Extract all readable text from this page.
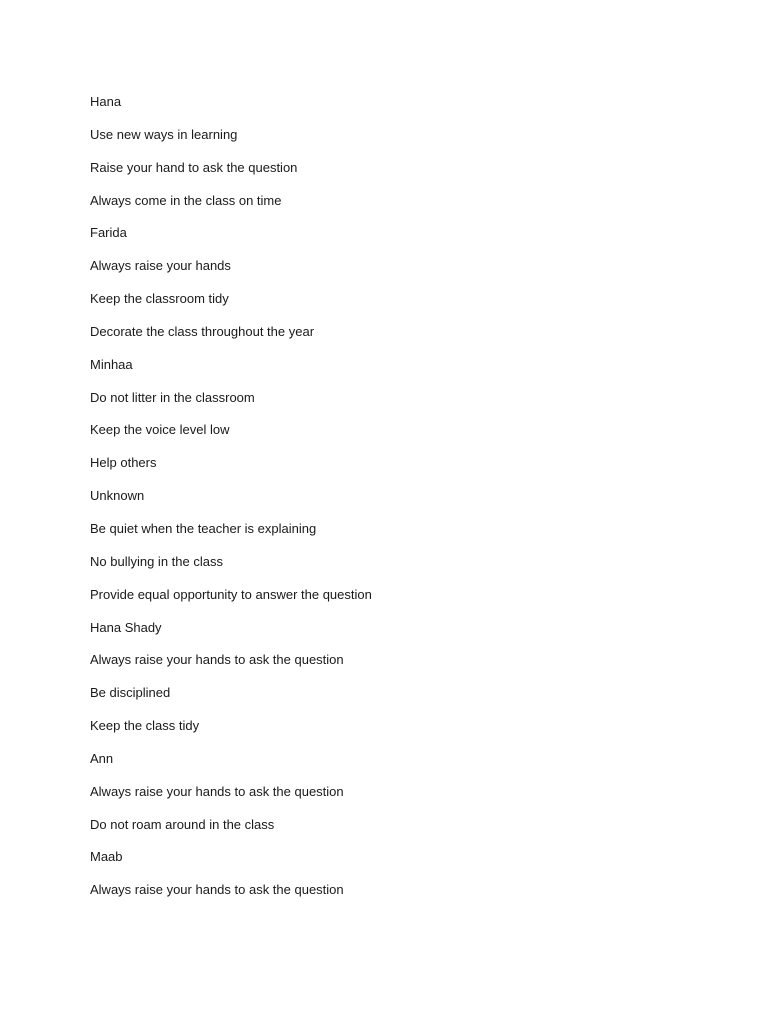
Hana
Use new ways in learning
Raise your hand to ask the question
Always come in the class on time
Farida
Always raise your hands
Keep the classroom tidy
Decorate the class throughout the year
Minhaa
Do not litter in the classroom
Keep the voice level low
Help others
Unknown
Be quiet when the teacher is explaining
No bullying in the class
Provide equal opportunity to answer the question
Hana Shady
Always raise your hands to ask the question
Be disciplined
Keep the class tidy
Ann
Always raise your hands to ask the question
Do not roam around in the class
Maab
Always raise your hands to ask the question
